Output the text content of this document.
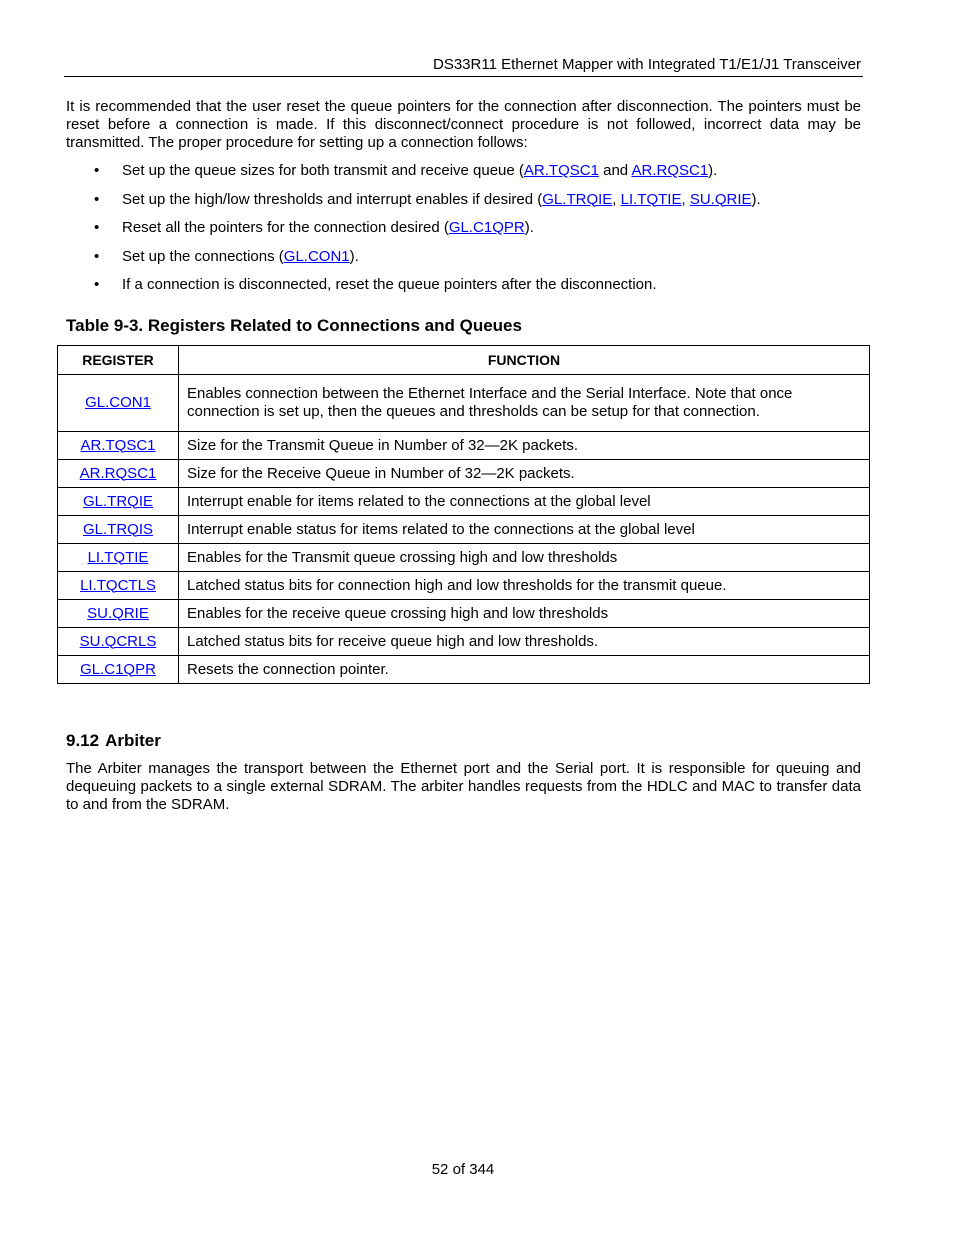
DS33R11 Ethernet Mapper with Integrated T1/E1/J1 Transceiver

It is recommended that the user reset the queue pointers for the connection after disconnection. The pointers must be reset before a connection is made. If this disconnect/connect procedure is not followed, incorrect data may be transmitted. The proper procedure for setting up a connection follows:

• Set up the queue sizes for both transmit and receive queue (AR.TQSC1 and AR.RQSC1).
• Set up the high/low thresholds and interrupt enables if desired (GL.TRQIE, LI.TQTIE, SU.QRIE).
• Reset all the pointers for the connection desired (GL.C1QPR).
• Set up the connections (GL.CON1).
• If a connection is disconnected, reset the queue pointers after the disconnection.
Table 9-3. Registers Related to Connections and Queues
REGISTER	FUNCTION
GL.CON1	Enables connection between the Ethernet Interface and the Serial Interface. Note that once connection is set up, then the queues and thresholds can be setup for that connection.
AR.TQSC1	Size for the Transmit Queue in Number of 32—2K packets.
AR.RQSC1	Size for the Receive Queue in Number of 32—2K packets.
GL.TRQIE	Interrupt enable for items related to the connections at the global level
GL.TRQIS	Interrupt enable status for items related to the connections at the global level
LI.TQTIE	Enables for the Transmit queue crossing high and low thresholds
LI.TQCTLS	Latched status bits for connection high and low thresholds for the transmit queue.
SU.QRIE	Enables for the receive queue crossing high and low thresholds
SU.QCRLS	Latched status bits for receive queue high and low thresholds.
GL.C1QPR	Resets the connection pointer.
9.12 Arbiter

The Arbiter manages the transport between the Ethernet port and the Serial port. It is responsible for queuing and dequeuing packets to a single external SDRAM. The arbiter handles requests from the HDLC and MAC to transfer data to and from the SDRAM.

52 of 344
